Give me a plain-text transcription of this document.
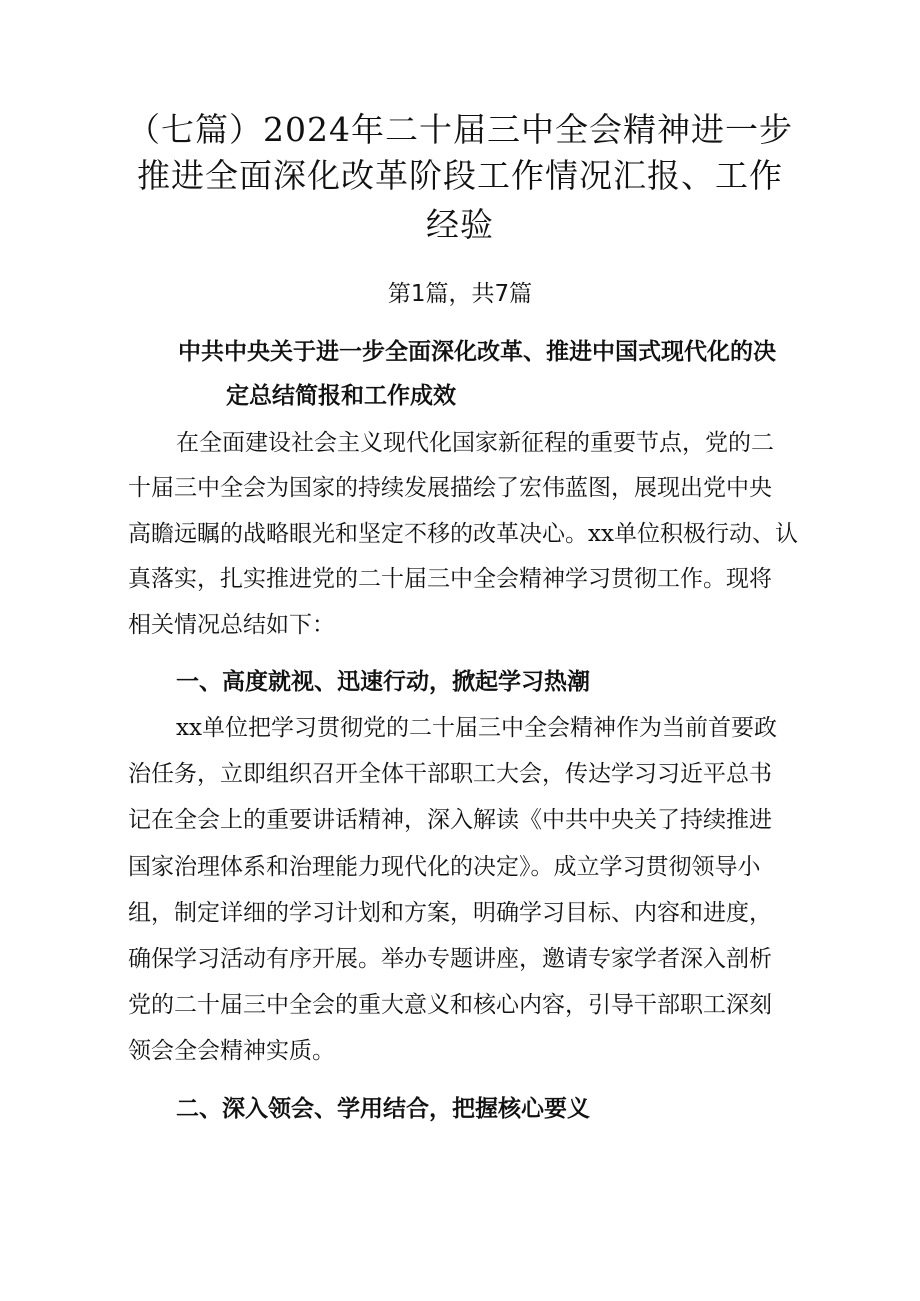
（七篇）2024年二十届三中全会精神进一步
推进全面深化改革阶段工作情况汇报、工作
经验
第1篇，共7篇
中共中央关于进一步全面深化改革、推进中国式现代化的决
定总结简报和工作成效
在全面建设社会主义现代化国家新征程的重要节点，党的二
十届三中全会为国家的持续发展描绘了宏伟蓝图，展现出党中央
高瞻远瞩的战略眼光和坚定不移的改革决心。xx单位积极行动、认
真落实，扎实推进党的二十届三中全会精神学习贯彻工作。现将
相关情况总结如下：
一、高度就视、迅速行动，掀起学习热潮
xx单位把学习贯彻党的二十届三中全会精神作为当前首要政
治任务，立即组织召开全体干部职工大会，传达学习习近平总书
记在全会上的重要讲话精神，深入解读《中共中央关了持续推进
国家治理体系和治理能力现代化的决定》。成立学习贯彻领导小
组，制定详细的学习计划和方案，明确学习目标、内容和进度，
确保学习活动有序开展。举办专题讲座，邀请专家学者深入剖析
党的二十届三中全会的重大意义和核心内容，引导干部职工深刻
领会全会精神实质。
二、深入领会、学用结合，把握核心要义
